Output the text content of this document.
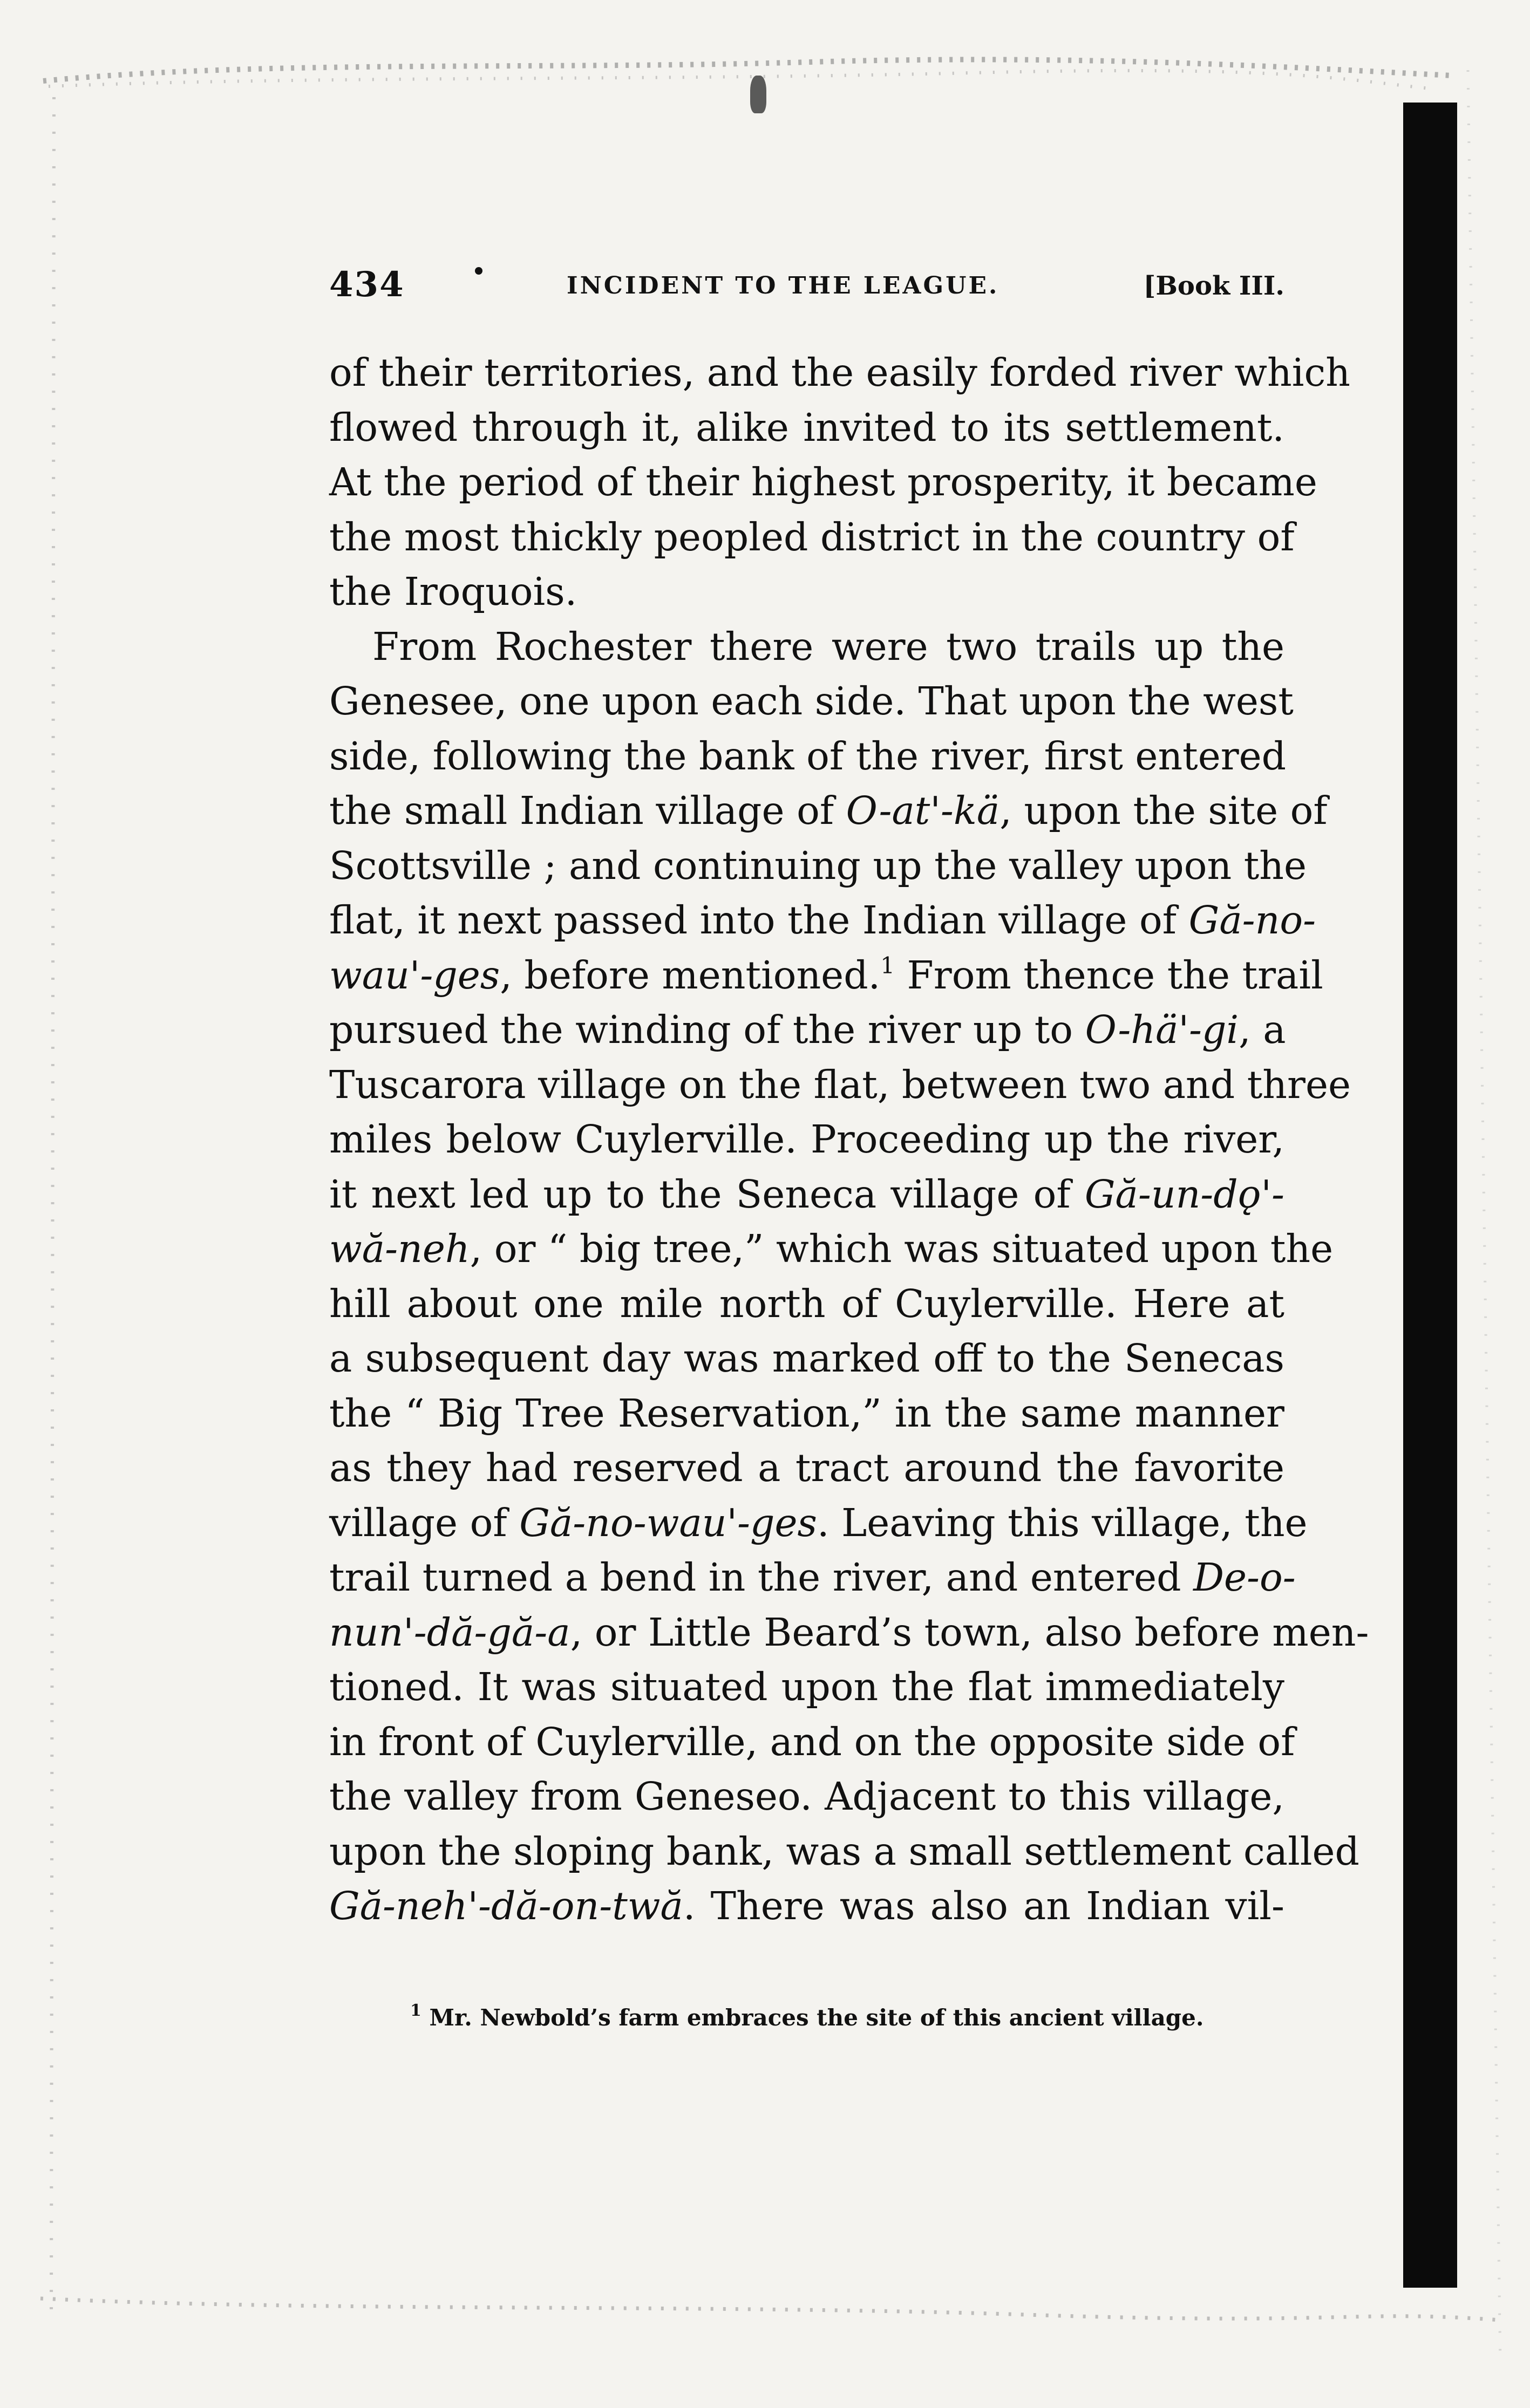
434	INCIDENT TO THE LEAGUE.	[Book III.
of their territories, and the easily forded river which
flowed through it, alike invited to its settlement.
At the period of their highest prosperity, it became
the most thickly peopled district in the country of
the Iroquois.
From Rochester there were two trails up the
Genesee, one upon each side. That upon the west
side, following the bank of the river, first entered
the small Indian village of O-at'-kä, upon the site of
Scottsville ; and continuing up the valley upon the
flat, it next passed into the Indian village of Gă-no-
wau'-ges, before mentioned.$^1$ From thence the trail
pursued the winding of the river up to O-hä'-gi, a
Tuscarora village on the flat, between two and three
miles below Cuylerville. Proceeding up the river,
it next led up to the Seneca village of Gă-un-dǫ'-
wă-neh, or “ big tree,” which was situated upon the
hill about one mile north of Cuylerville. Here at
a subsequent day was marked off to the Senecas
the “ Big Tree Reservation,” in the same manner
as they had reserved a tract around the favorite
village of Gă-no-wau'-ges. Leaving this village, the
trail turned a bend in the river, and entered De-o-
nun'-dă-gă-a, or Little Beard’s town, also before men-
tioned. It was situated upon the flat immediately
in front of Cuylerville, and on the opposite side of
the valley from Geneseo. Adjacent to this village,
upon the sloping bank, was a small settlement called
Gă-neh'-dă-on-twă. There was also an Indian vil-
$^1$ Mr. Newbold’s farm embraces the site of this ancient village.
